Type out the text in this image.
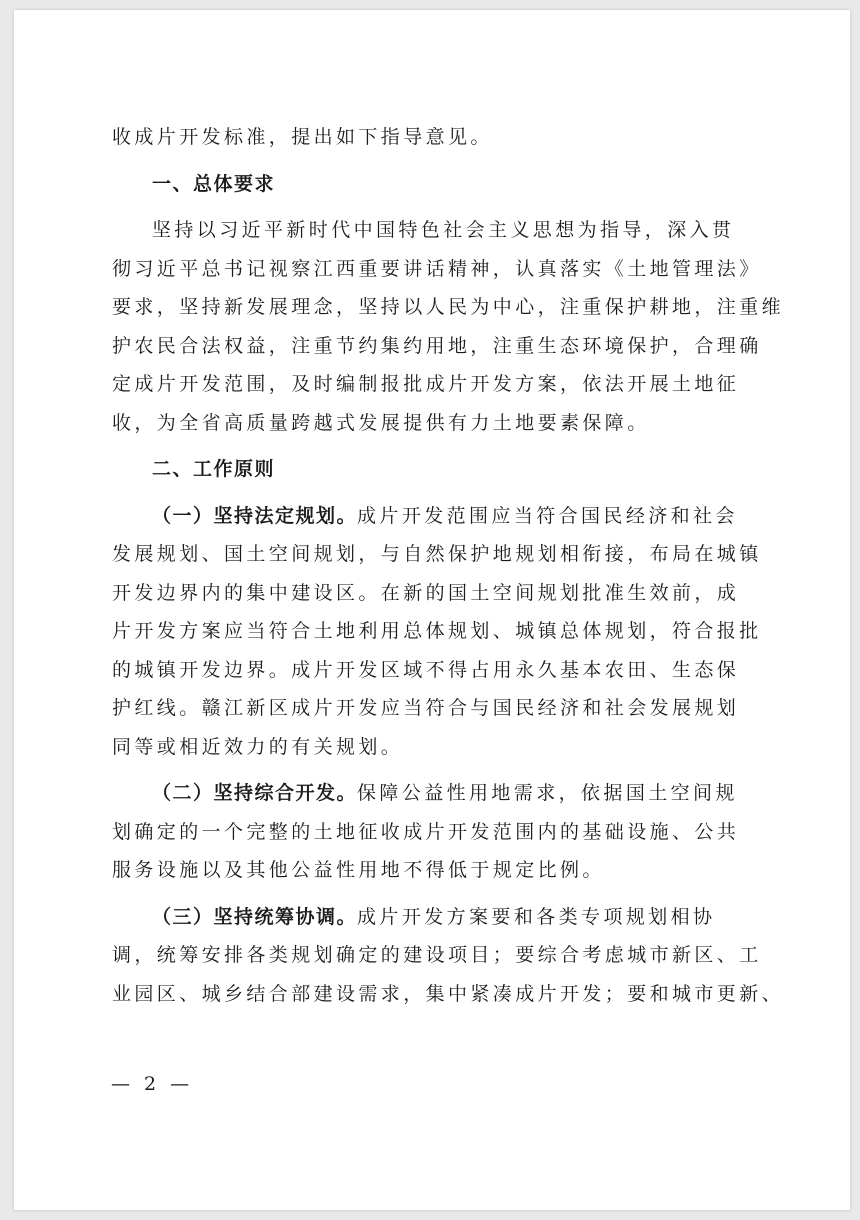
收成片开发标准，提出如下指导意见。
一、总体要求
坚持以习近平新时代中国特色社会主义思想为指导，深入贯
彻习近平总书记视察江西重要讲话精神，认真落实《土地管理法》
要求，坚持新发展理念，坚持以人民为中心，注重保护耕地，注重维
护农民合法权益，注重节约集约用地，注重生态环境保护，合理确
定成片开发范围，及时编制报批成片开发方案，依法开展土地征
收，为全省高质量跨越式发展提供有力土地要素保障。
二、工作原则
（一）坚持法定规划。成片开发范围应当符合国民经济和社会
发展规划、国土空间规划，与自然保护地规划相衔接，布局在城镇
开发边界内的集中建设区。在新的国土空间规划批准生效前，成
片开发方案应当符合土地利用总体规划、城镇总体规划，符合报批
的城镇开发边界。成片开发区域不得占用永久基本农田、生态保
护红线。赣江新区成片开发应当符合与国民经济和社会发展规划
同等或相近效力的有关规划。
（二）坚持综合开发。保障公益性用地需求，依据国土空间规
划确定的一个完整的土地征收成片开发范围内的基础设施、公共
服务设施以及其他公益性用地不得低于规定比例。
（三）坚持统筹协调。成片开发方案要和各类专项规划相协
调，统筹安排各类规划确定的建设项目；要综合考虑城市新区、工
业园区、城乡结合部建设需求，集中紧凑成片开发；要和城市更新、
— 2 —
